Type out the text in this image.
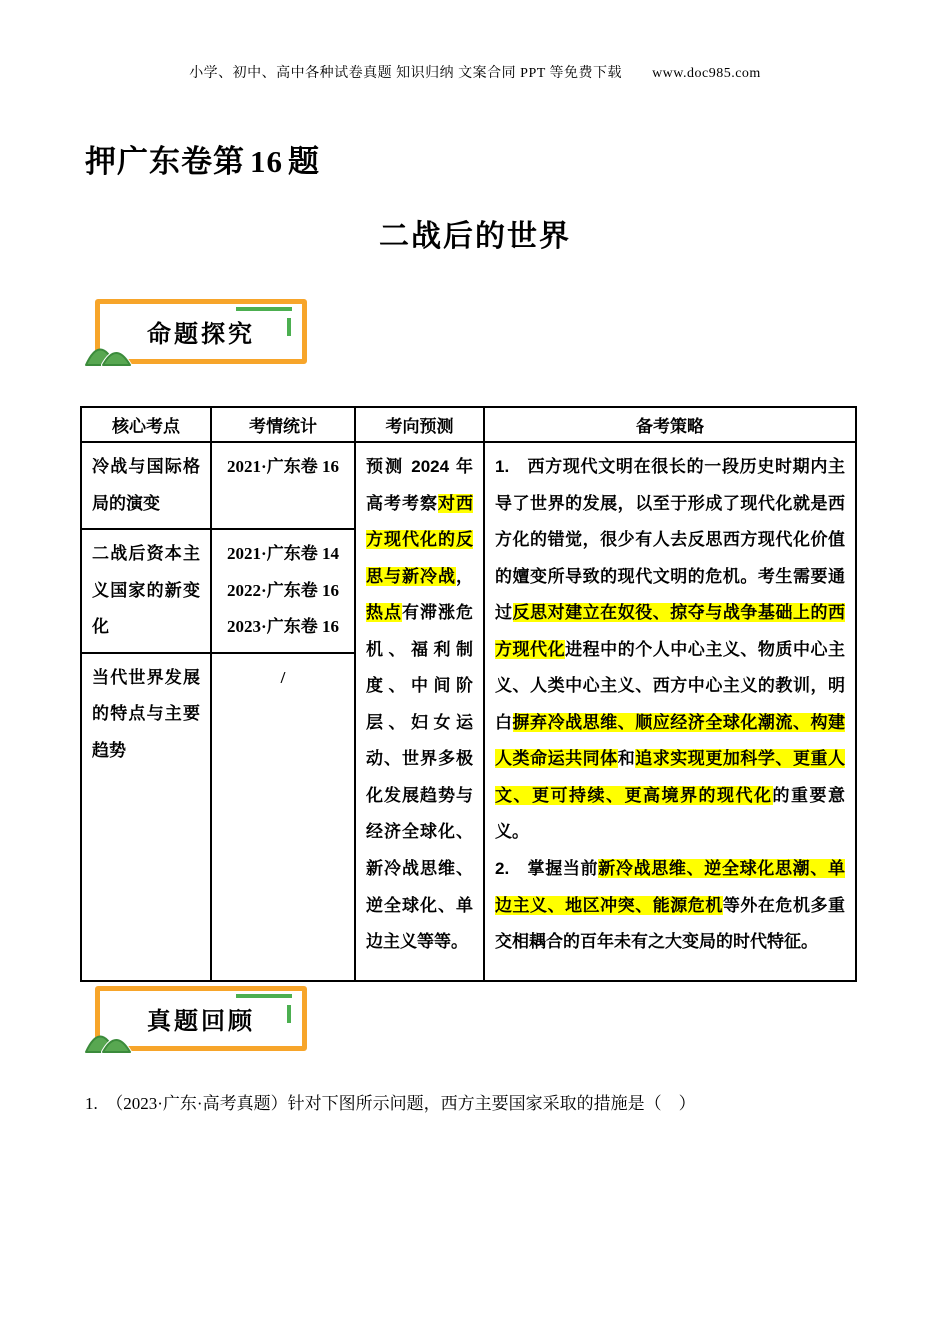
小学、初中、高中各种试卷真题 知识归纳 文案合同 PPT 等免费下载 www.doc985.com
押广东卷第 16 题
二战后的世界
命题探究
核心考点	考情统计	考向预测	备考策略
冷战与国际格局的演变	2021·广东卷 16	预测 2024 年高考考察对西方现代化的反思与新冷战，热点有滞涨危机、福利制度、中间阶层、妇女运动、世界多极化发展趋势与经济全球化、新冷战思维、逆全球化、单边主义等等。	1.　西方现代文明在很长的一段历史时期内主导了世界的发展，以至于形成了现代化就是西方化的错觉，很少有人去反思西方现代化价值的嬗变所导致的现代文明的危机。考生需要通过反思对建立在奴役、掠夺与战争基础上的西方现代化进程中的个人中心主义、物质中心主义、人类中心主义、西方中心主义的教训，明白摒弃冷战思维、顺应经济全球化潮流、构建人类命运共同体和追求实现更加科学、更重人文、更可持续、更高境界的现代化的重要意义。
2.　掌握当前新冷战思维、逆全球化思潮、单边主义、地区冲突、能源危机等外在危机多重交相耦合的百年未有之大变局的时代特征。

二战后资本主义国家的新变化	2021·广东卷 14
2022·广东卷 16
2023·广东卷 16		

当代世界发展的特点与主要趋势	/		
真题回顾

1.　（2023·广东·高考真题）针对下图所示问题，西方主要国家采取的措施是（　）
